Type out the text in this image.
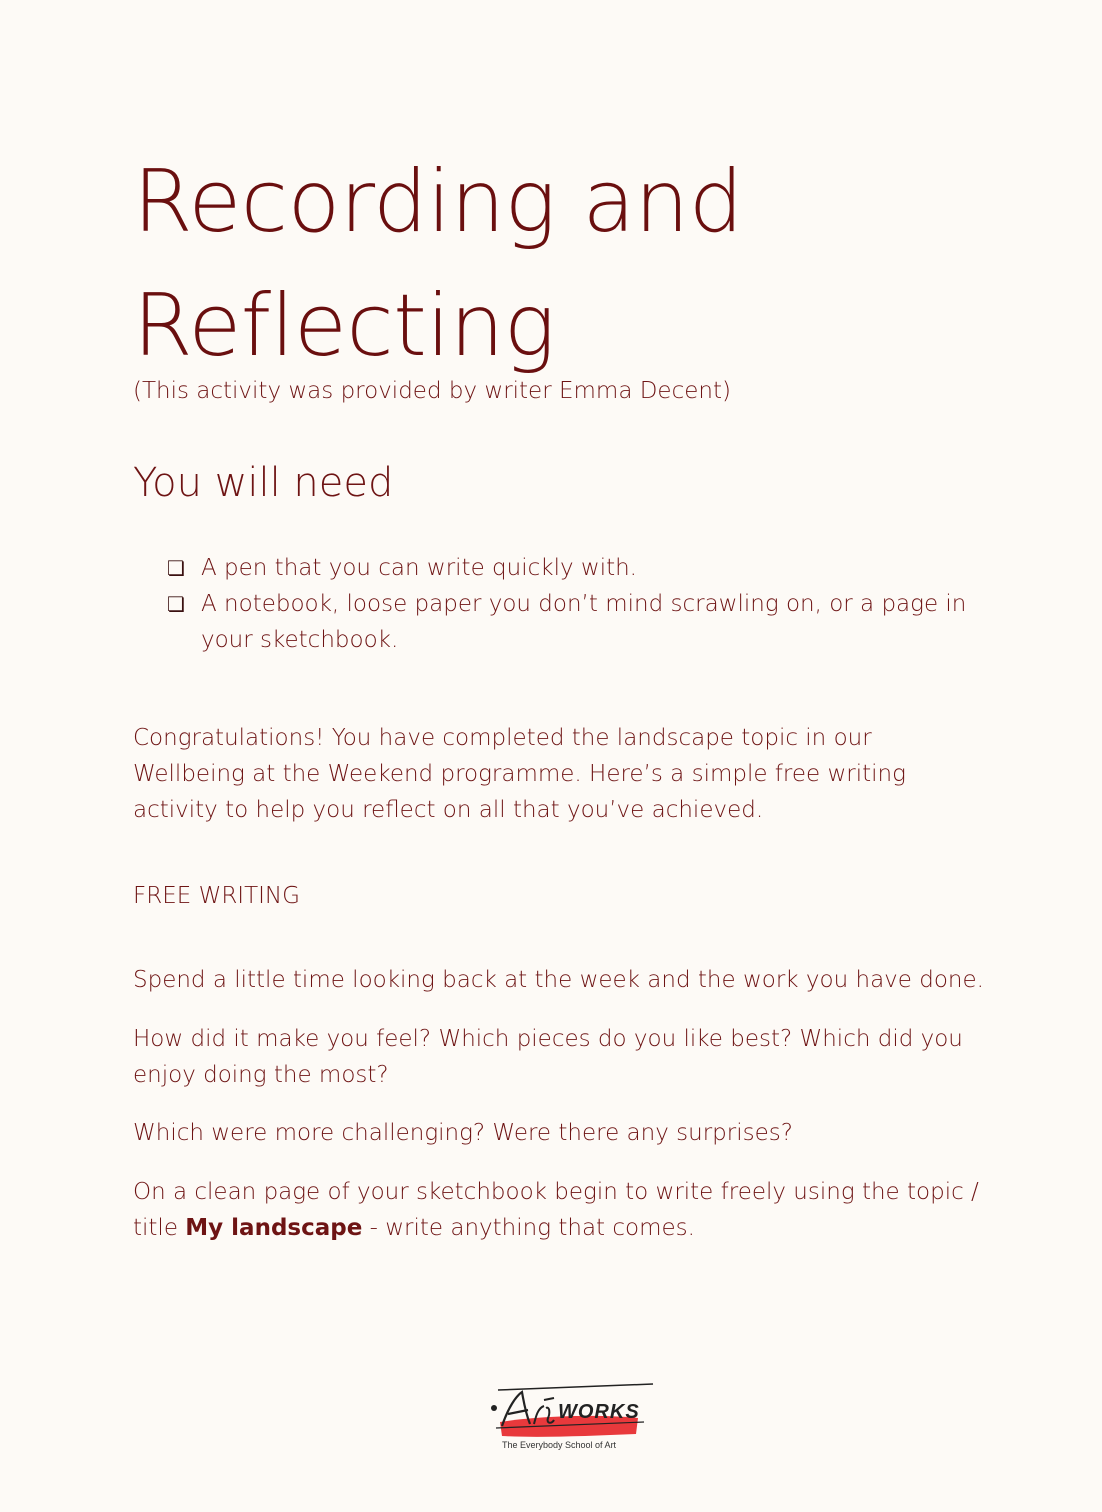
Recording and
Reflecting
(This activity was provided by writer Emma Decent)
You will need
❏ A pen that you can write quickly with.
❏ A notebook, loose paper you don’t mind scrawling on, or a page in your sketchbook.

Congratulations! You have completed the landscape topic in our Wellbeing at the Weekend programme. Here’s a simple free writing activity to help you reflect on all that you’ve achieved.

FREE WRITING

Spend a little time looking back at the week and the work you have done.

How did it make you feel? Which pieces do you like best? Which did you enjoy doing the most?

Which were more challenging? Were there any surprises?

On a clean page of your sketchbook begin to write freely using the topic / title My landscape - write anything that comes.

WORKS
The Everybody School of Art
